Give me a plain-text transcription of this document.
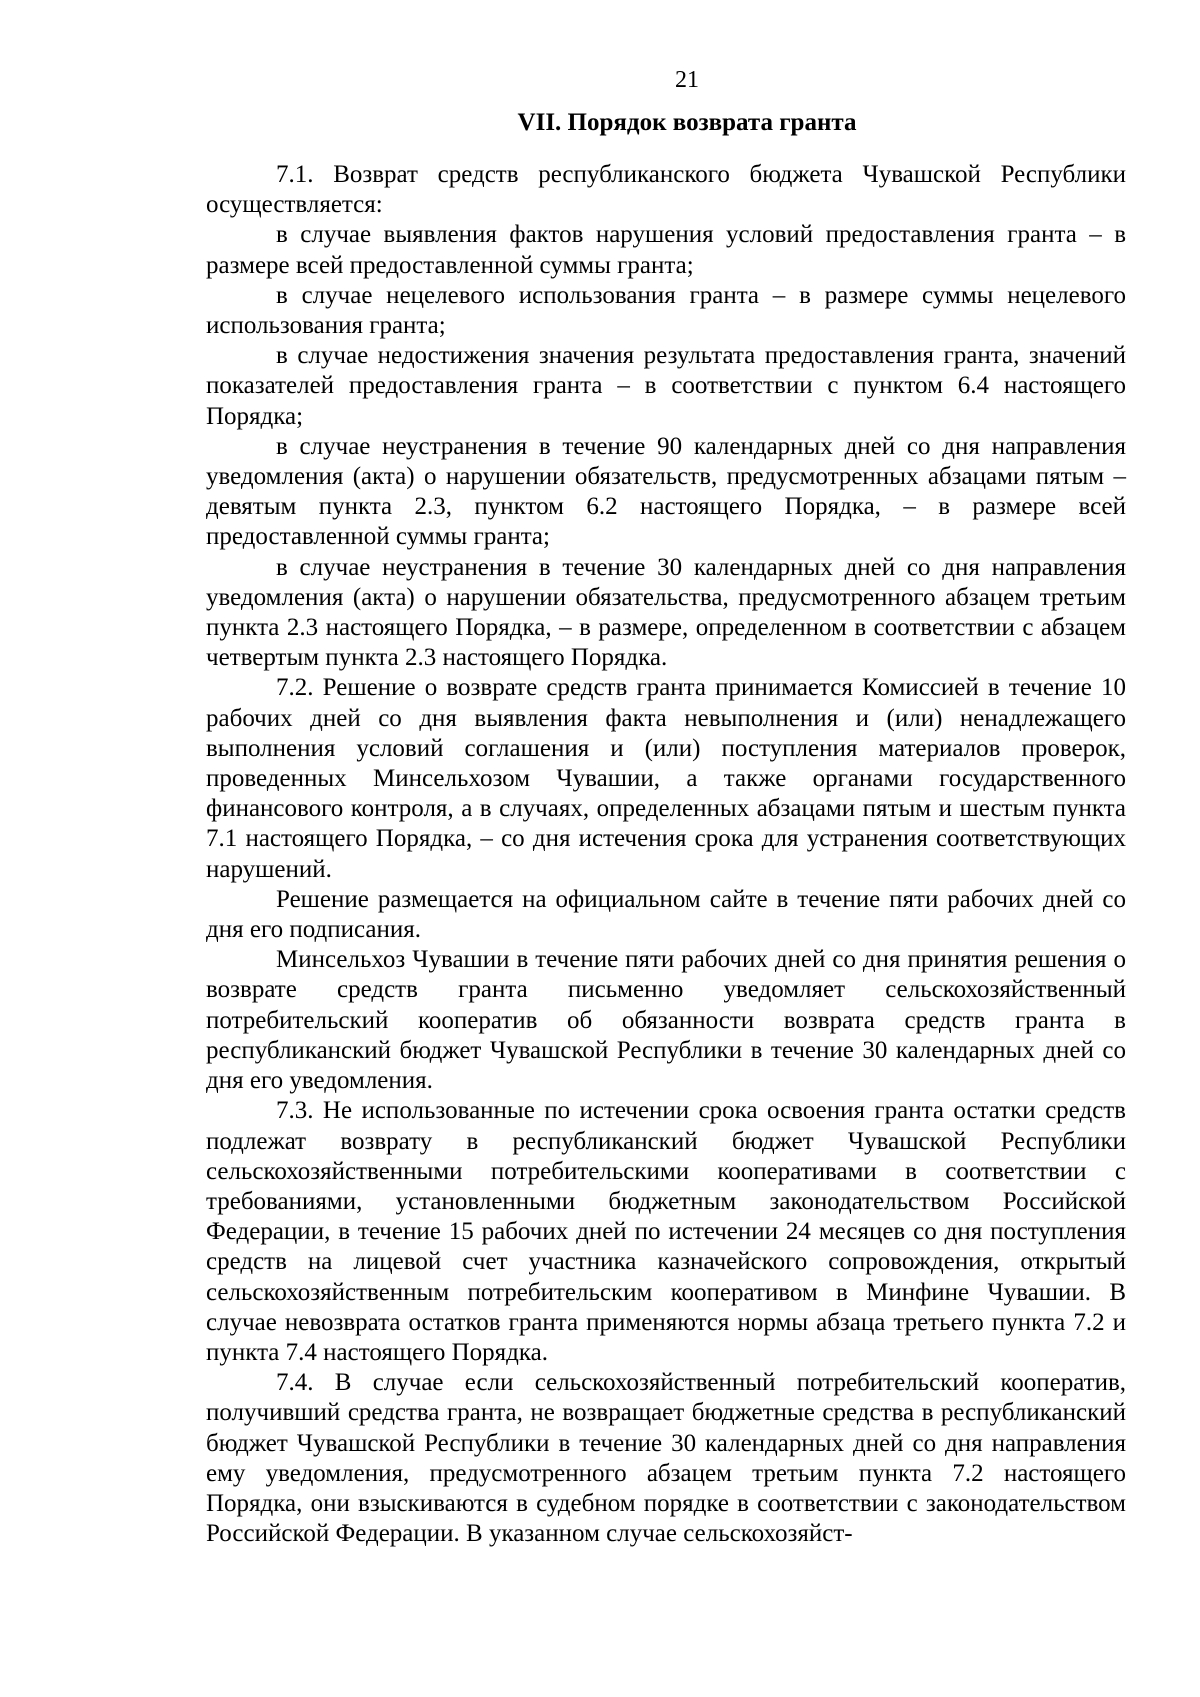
21

VII. Порядок возврата гранта

7.1. Возврат средств республиканского бюджета Чувашской Республики осуществляется:

в случае выявления фактов нарушения условий предоставления гранта – в размере всей предоставленной суммы гранта;

в случае нецелевого использования гранта – в размере суммы нецелевого использования гранта;

в случае недостижения значения результата предоставления гранта, значений показателей предоставления гранта – в соответствии с пунктом 6.4 настоящего Порядка;

в случае неустранения в течение 90 календарных дней со дня направления уведомления (акта) о нарушении обязательств, предусмотренных абзацами пятым – девятым пункта 2.3, пунктом 6.2 настоящего Порядка, – в размере всей предоставленной суммы гранта;

в случае неустранения в течение 30 календарных дней со дня направления уведомления (акта) о нарушении обязательства, предусмотренного абзацем третьим пункта 2.3 настоящего Порядка, – в размере, определенном в соответствии с абзацем четвертым пункта 2.3 настоящего Порядка.

7.2. Решение о возврате средств гранта принимается Комиссией в течение 10 рабочих дней со дня выявления факта невыполнения и (или) ненадлежащего выполнения условий соглашения и (или) поступления материалов проверок, проведенных Минсельхозом Чувашии, а также органами государственного финансового контроля, а в случаях, определенных абзацами пятым и шестым пункта 7.1 настоящего Порядка, – со дня истечения срока для устранения соответствующих нарушений.

Решение размещается на официальном сайте в течение пяти рабочих дней со дня его подписания.

Минсельхоз Чувашии в течение пяти рабочих дней со дня принятия решения о возврате средств гранта письменно уведомляет сельскохозяйственный потребительский кооператив об обязанности возврата средств гранта в республиканский бюджет Чувашской Республики в течение 30 календарных дней со дня его уведомления.

7.3. Не использованные по истечении срока освоения гранта остатки средств подлежат возврату в республиканский бюджет Чувашской Республики сельскохозяйственными потребительскими кооперативами в соответствии с требованиями, установленными бюджетным законодательством Российской Федерации, в течение 15 рабочих дней по истечении 24 месяцев со дня поступления средств на лицевой счет участника казначейского сопровождения, открытый сельскохозяйственным потребительским кооперативом в Минфине Чувашии. В случае невозврата остатков гранта применяются нормы абзаца третьего пункта 7.2 и пункта 7.4 настоящего Порядка.

7.4. В случае если сельскохозяйственный потребительский кооператив, получивший средства гранта, не возвращает бюджетные средства в республиканский бюджет Чувашской Республики в течение 30 календарных дней со дня направления ему уведомления, предусмотренного абзацем третьим пункта 7.2 настоящего Порядка, они взыскиваются в судебном порядке в соответствии с законодательством Российской Федерации. В указанном случае сельскохозяйст-
